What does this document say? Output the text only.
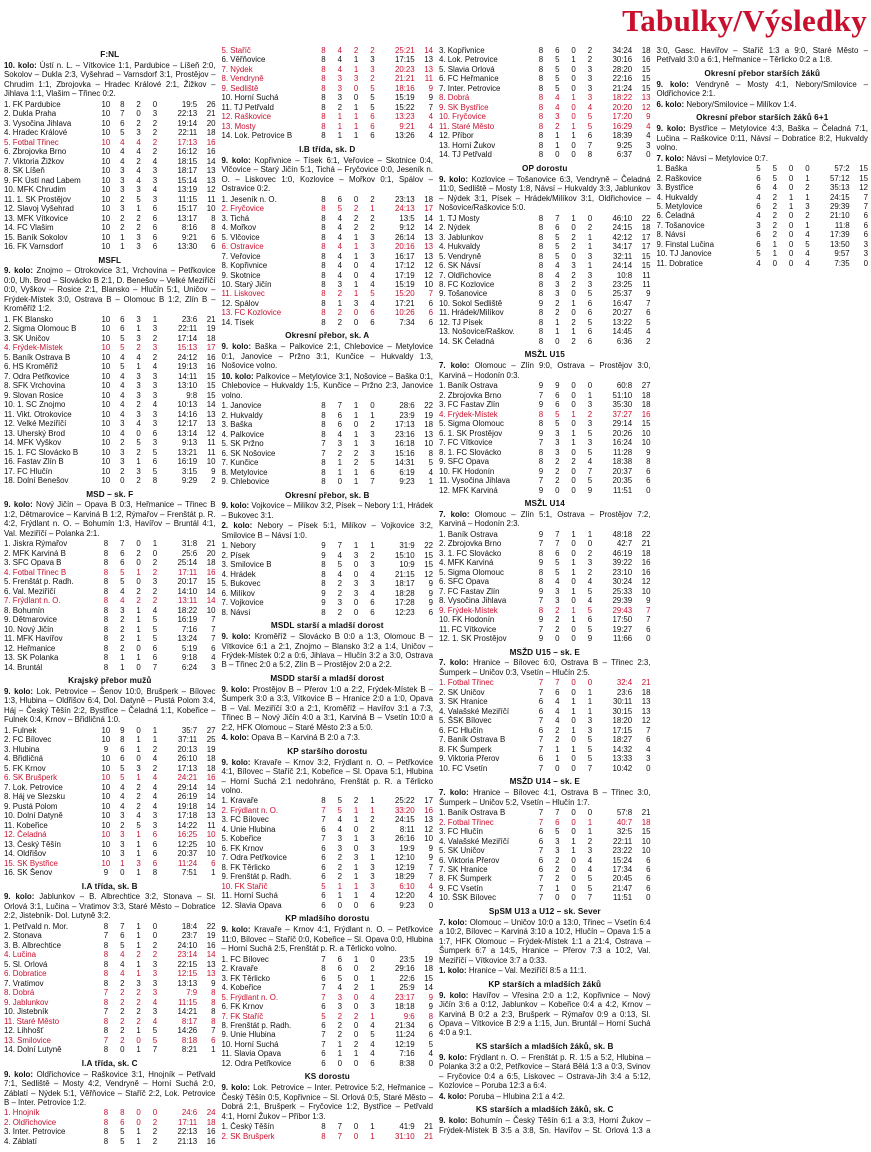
Tabulky/Výsledky
F:NL
10. kolo: Ústí n. L. – Vítkovice 1:1, Pardubice – Líšeň 2:0, Sokolov – Dukla 2:3, Vyšehrad – Varnsdorf 3:1, Prostějov – Chrudim 1:1, Zbrojovka – Hradec Králové 2:1, Žižkov – Jihlava 1:1, Vlašim – Třinec 0:2.
1. FK Pardubice	10	8	2	0	19:5	26
2. Dukla Praha	10	7	0	3	22:13	21
3. Vysočina Jihlava	10	6	2	2	19:14	20
4. Hradec Králové	10	5	3	2	22:11	18
5. Fotbal Třinec	10	4	4	2	17:13	16
6. Zbrojovka Brno	10	4	4	2	16:12	16
7. Viktoria Žižkov	10	4	2	4	18:15	14
8. SK Líšeň	10	3	4	3	18:17	13
9. FK Ústí nad Labem	10	3	4	3	15:14	13
10. MFK Chrudim	10	3	3	4	13:19	12
11. 1. SK Prostějov	10	2	5	3	11:15	11
12. Slavoj Vyšehrad	10	3	1	6	15:17	10
13. MFK Vítkovice	10	2	2	6	13:17	8
14. FC Vlašim	10	2	2	6	8:16	8
15. Baník Sokolov	10	1	3	6	9:21	6
16. FK Varnsdorf	10	1	3	6	13:30	6
MSFL
9. kolo: Znojmo – Otrokovice 3:1, Vrchovina – Petřkovice 0:0, Uh. Brod – Slovácko B 2:1, D. Benešov – Velké Meziříčí 0:0, Vyškov – Rosice 2:1, Blansko – Hlučín 5:1, Uničov – Frýdek-Místek 3:0, Ostrava B – Olomouc B 1:2, Zlín B – Kroměříž 1:2.
1. FK Blansko	10	6	3	1	23:6	21
2. Sigma Olomouc B	10	6	1	3	22:11	19
3. SK Uničov	10	5	3	2	17:14	18
4. Frýdek-Místek	10	5	2	3	15:13	17
5. Baník Ostrava B	10	4	4	2	24:12	16
6. HS Kroměříž	10	5	1	4	19:13	16
7. Odra Petřkovice	10	4	3	3	14:11	15
8. SFK Vrchovina	10	4	3	3	13:10	15
9. Slovan Rosice	10	4	3	3	9:8	15
10. 1. SC Znojmo	10	4	2	4	10:13	14
11. Vikt. Otrokovice	10	4	3	3	14:16	13
12. Velké Meziříčí	10	3	4	3	12:17	13
13. Uherský Brod	10	4	0	6	13:14	12
14. MFK Vyškov	10	2	5	3	9:13	11
15. 1. FC Slovácko B	10	3	2	5	13:21	11
16. Fastav Zlín B	10	3	1	6	16:19	10
17. FC Hlučín	10	2	3	5	3:15	9
18. Dolní Benešov	10	0	2	8	9:29	2
MSD – sk. F
9. kolo: Nový Jičín – Opava B 0:3, Heřmanice – Třinec B 1:2, Dětmarovice – Karviná B 1:2, Rýmařov – Frenštát p. R. 4:2, Frýdlant n. O. – Bohumín 1:3, Havířov – Bruntál 4:1, Val. Meziříčí – Polanka 2:1.
1. Jiskra Rýmařov	8	7	0	1	31:8	21
2. MFK Karviná B	8	6	2	0	25:6	20
3. SFC Opava B	8	6	0	2	25:14	18
4. Fotbal Třinec B	8	5	1	2	17:11	16
5. Frenštát p. Radh.	8	5	0	3	20:17	15
6. Val. Meziříčí	8	4	2	2	14:10	14
7. Frýdlant n. O.	8	4	2	2	13:11	14
8. Bohumín	8	3	1	4	18:22	10
9. Dětmarovice	8	2	1	5	16:19	7
10. Nový Jičín	8	2	1	5	7:16	7
11. MFK Havířov	8	2	1	5	13:24	7
12. Heřmanice	8	2	0	6	5:19	6
13. SK Polanka	8	1	1	6	9:18	4
14. Bruntál	8	1	0	7	6:24	3
Krajský přebor mužů
9. kolo: Lok. Petrovice – Šenov 10:0, Brušperk – Bílovec 1:3, Hlubina – Oldřišov 6:4, Dol. Datyně – Pustá Polom 3:4, Háj – Český Těšín 2:2, Bystřice – Čeladná 1:1, Kobeřice – Fulnek 0:4, Krnov – Břidličná 1:0.
1. Fulnek	10	9	0	1	35:7	27
2. FC Bílovec	10	8	1	1	37:11	25
3. Hlubina	9	6	1	2	20:13	19
4. Břidličná	10	6	0	4	26:10	18
5. FK Krnov	10	5	3	2	17:13	18
6. SK Brušperk	10	5	1	4	24:21	16
7. Lok. Petrovice	10	4	2	4	29:14	14
8. Háj ve Slezsku	10	4	2	4	26:19	14
9. Pustá Polom	10	4	2	4	19:18	14
10. Dolní Datyně	10	3	4	3	17:18	13
11. Kobeřice	10	2	5	3	14:22	11
12. Čeladná	10	3	1	6	16:25	10
13. Český Těšín	10	3	1	6	12:25	10
14. Oldřišov	10	3	1	6	20:37	10
15. SK Bystřice	10	1	3	6	11:24	6
16. SK Šenov	9	0	1	8	7:51	1
I.A třída, sk. B
9. kolo: Jablunkov – B. Albrechtice 3:2, Stonava – Sl. Orlová 3:1, Lučina – Vratimov 3:3, Staré Město – Dobratice 2:2, Jistebník- Dol. Lutyně 3:2.
1. Petřvald n. Mor.	8	7	1	0	18:4	22
2. Stonava	7	6	1	0	23:7	19
3. B. Albrechtice	8	5	1	2	24:10	16
4. Lučina	8	4	2	2	23:14	14
5. Sl. Orlová	8	4	1	3	22:15	13
6. Dobratice	8	4	1	3	12:15	13
7. Vratimov	8	2	3	3	13:13	9
8. Dobrá	7	2	2	3	7:9	8
9. Jablunkov	8	2	2	4	11:15	8
10. Jistebník	7	2	2	3	14:21	8
11. Staré Město	8	2	2	4	8:17	8
12. Lihhošť	8	2	1	5	14:26	7
13. Smilovice	7	2	0	5	8:18	6
14. Dolní Lutyně	8	0	1	7	8:21	1
I.A třída, sk. C
9. kolo: Oldřichovice – Raškovice 3:1, Hnojník – Petřvald 7:1, Sedliště – Mosty 4:2, Vendryně – Horní Suchá 2:0, Záblatí – Nýdek 5:1, Věřňovice – Staříč 2:2, Lok. Petrovice B – Inter. Petrovice 1:2.
1. Hnojník	8	8	0	0	24:6	24
2. Oldřichovice	8	6	0	2	17:11	18
3. Inter. Petrovice	8	5	1	2	22:13	16
4. Záblatí	8	5	1	2	21:13	16
5. Staříč	8	4	2	2	25:21	14
6. Věřňovice	8	4	1	3	17:15	13
7. Nýdek	8	4	1	3	20:23	13
8. Vendryně	8	3	3	2	21:21	11
9. Sedliště	8	3	0	5	18:16	9
10. Horní Suchá	8	3	0	5	15:19	9
11. TJ Petřvald	8	2	1	5	15:22	7
12. Raškovice	8	1	1	6	13:23	4
13. Mosty	8	1	1	6	9:21	4
14. Lok. Petrovice B	8	1	1	6	13:26	4
I.B třída, sk. D
9. kolo: Kopřivnice – Tísek 6:1, Veřovice – Skotnice 0:4, Vlčovice – Starý Jičín 5:1, Tichá – Fryčovice 0:0, Jeseník n. O. – Liskovec 1:0, Kozlovice – Mořkov 0:1, Spálov – Ostravice 0:2.
1. Jeseník n. O.	8	6	0	2	23:13	18
2. Fryčovice	8	5	2	1	24:13	17
3. Tichá	8	4	2	2	13:5	14
4. Mořkov	8	4	2	2	9:12	14
5. Vlčovice	8	4	1	3	26:14	13
6. Ostravice	8	4	1	3	20:16	13
7. Veřovice	8	4	1	3	16:17	13
8. Kopřivnice	8	4	0	4	17:12	12
9. Skotnice	8	4	0	4	17:19	12
10. Starý Jičín	8	3	1	4	15:19	10
11. Liskovec	8	2	1	5	15:20	7
12. Spálov	8	1	3	4	17:21	6
13. FC Kozlovice	8	2	0	6	10:26	6
14. Tísek	8	2	0	6	7:34	6
Okresní přebor, sk. A
9. kolo: Baška – Palkovice 2:1, Chlebovice – Metylovice 0:1, Janovice – Pržno 3:1, Kunčice – Hukvaldy 1:3, Nošovice volno.
10. kolo: Palkovice – Metylovice 3:1, Nošovice – Baška 0:1, Chlebovice – Hukvaldy 1:5, Kunčice – Pržno 2:3, Janovice volno.
1. Janovice	8	7	1	0	28:6	22
2. Hukvaldy	8	6	1	1	23:9	19
3. Baška	8	6	0	2	17:13	18
4. Palkovice	8	4	1	3	23:16	13
5. SK Pržno	7	3	1	3	16:18	10
6. SK Nošovice	7	2	2	3	15:16	8
7. Kunčice	8	1	2	5	14:31	5
8. Metylovice	8	1	1	6	6:19	4
9. Chlebovice	8	0	1	7	9:23	1
Okresní přebor, sk. B
9. kolo: Vojkovice – Milíkov 3:2, Písek – Nebory 1:1, Hrádek – Bukovec 3:1.
2. kolo: Nebory – Písek 5:1, Milíkov – Vojkovice 3:2, Smilovice B – Návsí 1:0.
1. Nebory	9	7	1	1	31:9	22
2. Písek	9	4	3	2	15:10	15
3. Smilovice B	8	5	0	3	10:9	15
4. Hrádek	8	4	0	4	21:15	12
5. Bukovec	8	2	3	3	18:17	9
6. Milíkov	9	2	3	4	18:28	9
7. Vojkovice	9	3	0	6	17:28	9
8. Návsí	8	2	0	6	12:23	6
MSDL starší a mladší dorost
9. kolo: Kroměříž – Slovácko B 0:0 a 1:3, Olomouc B – Vítkovice 6:1 a 2:1, Znojmo – Blansko 3:2 a 1:4, Uničov – Frýdek-Místek 0:2 a 0:6, Jihlava – Hlučín 3:2 a 3:0, Ostrava B – Třinec 2:0 a 5:2, Zlín B – Prostějov 2:0 a 2:2.
MSDD starší a mladší dorost
9. kolo: Prostějov B – Přerov 1:0 a 2:2, Frýdek-Místek B – Šumperk 3:0 a 3:3, Vítkovice B – Hranice 2:0 a 1:0, Opava B – Val. Meziříčí 3:0 a 2:1, Kroměříž – Havířov 3:1 a 7:3, Třinec B – Nový Jičín 4:0 a 3:1, Karviná B – Vsetín 10:0 a 2:2, HFK Olomouc – Staré Město 2:3 a 5:0.
4. kolo: Opava B – Karviná B 2:0 a 7:3.
KP staršího dorostu
9. kolo: Kravaře – Krnov 3:2, Frýdlant n. O. – Petřkovice 4:1, Bílovec – Staříč 2:1, Kobeřice – Sl. Opava 5:1, Hlubina – Horní Suchá 2:1 nedohráno, Frenštát p. R. a Těrlicko volno.
1. Kravaře	8	5	2	1	25:22	17
2. Frýdlant n. O.	7	5	1	1	33:20	16
3. FC Bílovec	7	4	1	2	24:15	13
4. Unie Hlubina	6	4	0	2	8:11	12
5. Kobeřice	7	3	1	3	26:16	10
6. FK Krnov	6	3	0	3	19:9	9
7. Odra Petřkovice	6	2	3	1	12:10	9
8. FK Těrlicko	6	2	1	3	12:19	7
9. Frenštát p. Radh.	6	2	1	3	18:29	7
10. FK Staříč	5	1	1	3	6:10	4
11. Horní Suchá	6	1	1	4	12:20	4
12. Slavia Opava	6	0	0	6	9:23	0
KP mladšího dorostu
9. kolo: Kravaře – Krnov 4:1, Frýdlant n. O. – Petřkovice 11:0, Bílovec – Staříč 0:0, Kobeřice – Sl. Opava 0:0, Hlubina – Horní Suchá 2:5, Frenštát p. R. a Těrlicko volno.
1. FC Bílovec	7	6	1	0	23:5	19
2. Kravaře	8	6	0	2	29:16	18
3. FK Těrlicko	6	5	0	1	22:6	15
4. Kobeřice	7	4	2	1	25:9	14
5. Frýdlant n. O.	7	3	0	4	23:17	9
6. FK Krnov	6	3	0	3	18:18	9
7. FK Staříč	5	2	2	1	9:6	8
8. Frenštát p. Radh.	6	2	0	4	21:34	6
9. Unie Hlubina	7	2	0	5	11:24	6
10. Horní Suchá	7	1	2	4	12:19	5
11. Slavia Opava	6	1	1	4	7:16	4
12. Odra Petřkovice	6	0	0	6	8:38	0
KS dorostu
9. kolo: Lok. Petrovice – Inter. Petrovice 5:2, Heřmanice – Český Těšín 0:5, Kopřivnice – Sl. Orlová 0:5, Staré Město – Dobrá 2:1, Brušperk – Fryčovice 1:2, Bystřice – Petřvald 4:1, Horní Žukov – Příbor 1:3.
1. Český Těšín	8	7	0	1	41:9	21
2. SK Brušperk	8	7	0	1	31:10	21
3. Kopřivnice	8	6	0	2	34:24	18
4. Lok. Petrovice	8	5	1	2	30:16	16
5. Slavia Orlová	8	5	0	3	28:20	15
6. FC Heřmanice	8	5	0	3	22:16	15
7. Inter. Petrovice	8	5	0	3	21:24	15
8. Dobrá	8	4	1	3	18:22	13
9. SK Bystřice	8	4	0	4	20:20	12
10. Fryčovice	8	3	0	5	17:20	9
11. Staré Město	8	2	1	5	16:29	4
12. Příbor	8	1	1	6	18:39	4
13. Horní Žukov	8	1	0	7	9:25	3
14. TJ Petřvald	8	0	0	8	6:37	0
OP dorostu
9. kolo: Kozlovice – Tošanovice 6:3, Vendryně – Čeladná 11:0, Sedliště – Mosty 1:8, Návsí – Hukvaldy 3:3, Jablunkov – Nýdek 3:1, Písek – Hrádek/Milíkov 3:1, Oldřichovice – Nošovice/Raškovice 5:0.
1. TJ Mosty	8	7	1	0	46:10	22
2. Nýdek	8	6	0	2	24:15	18
3. Jablunkov	8	5	2	1	42:12	17
4. Hukvaldy	8	5	2	1	34:17	17
5. Vendryně	8	5	0	3	32:11	15
6. SK Návsí	8	4	3	1	24:14	15
7. Oldřichovice	8	4	2	3	10:8	11
8. FC Kozlovice	8	3	2	3	23:25	11
9. Tošanovice	8	3	0	5	25:37	9
10. Sokol Sedliště	9	2	1	6	16:47	7
11. Hrádek/Milíkov	8	2	0	6	20:27	6
12. TJ Písek	8	1	2	5	13:22	5
13. Nošovice/Raškov.	8	1	1	6	14:45	4
14. SK Čeladná	8	0	2	6	6:36	2
MSŽL U15
7. kolo: Olomouc – Zlín 9:0, Ostrava – Prostějov 3:0, Karviná – Hodonín 0:3.
1. Baník Ostrava	9	9	0	0	60:8	27
2. Zbrojovka Brno	7	6	0	1	51:10	18
3. FC Fastav Zlín	9	6	0	3	35:30	18
4. Frýdek-Místek	8	5	1	2	37:27	16
5. Sigma Olomouc	8	5	0	3	29:14	15
6. 1. SK Prostějov	9	3	1	5	20:26	10
7. FC Vítkovice	7	3	1	3	16:24	10
8. 1. FC Slovácko	8	3	0	5	11:28	9
9. SFC Opava	8	2	2	4	18:38	8
10. FK Hodonín	9	2	0	7	20:37	6
11. Vysočina Jihlava	7	2	0	5	20:35	6
12. MFK Karviná	9	0	0	9	11:51	0
MSŽL U14
7. kolo: Olomouc – Zlín 5:1, Ostrava – Prostějov 7:2, Karviná – Hodonín 2:3.
1. Baník Ostrava	9	7	1	1	48:18	22
2. Zbrojovka Brno	7	7	0	0	42:7	21
3. 1. FC Slovácko	8	6	0	2	46:19	18
4. MFK Karviná	9	5	1	3	39:22	16
5. Sigma Olomouc	8	5	1	2	23:10	16
6. SFC Opava	8	4	0	4	30:24	12
7. FC Fastav Zlín	9	3	1	5	25:33	10
8. Vysočina Jihlava	7	3	0	4	29:39	9
9. Frýdek-Místek	8	2	1	5	29:43	7
10. FK Hodonín	9	2	1	6	17:50	7
11. FC Vítkovice	7	2	0	5	19:27	6
12. 1. SK Prostějov	9	0	0	9	11:66	0
MSŽD U15 – sk. E
7. kolo: Hranice – Bílovec 6:0, Ostrava B – Třinec 2:3, Šumperk – Uničov 0:3, Vsetín – Hlučín 2:5.
1. Fotbal Třinec	7	7	0	0	32:4	21
2. SK Uničov	7	6	0	1	23:6	18
3. SK Hranice	6	4	1	1	30:11	13
4. Valašské Meziříčí	6	4	1	1	30:15	13
5. ŠSK Bílovec	7	4	0	3	18:20	12
6. FC Hlučín	6	2	1	3	17:15	7
7. Baník Ostrava B	7	2	0	5	18:27	6
8. FK Šumperk	7	1	1	5	14:32	4
9. Viktoria Přerov	6	1	0	5	13:33	3
10. FC Vsetín	7	0	0	7	10:42	0
MSŽD U14 – sk. E
7. kolo: Hranice – Bílovec 4:1, Ostrava B – Třinec 3:0, Šumperk – Uničov 5:2, Vsetín – Hlučín 1:7.
1. Baník Ostrava B	7	7	0	0	57:8	21
2. Fotbal Třinec	7	6	0	1	40:7	18
3. FC Hlučín	6	5	0	1	32:5	15
4. Valašské Meziříčí	6	3	1	2	22:11	10
5. SK Uničov	7	3	1	3	23:22	10
6. Viktoria Přerov	6	2	0	4	15:24	6
7. SK Hranice	6	2	0	4	17:34	6
8. FK Šumperk	7	2	0	5	20:45	6
9. FC Vsetín	7	1	0	5	21:47	6
10. ŠSK Bílovec	7	0	0	7	11:51	0
SpSM U13 a U12 – sk. Sever
7. kolo: Olomouc – Uničov 10:0 a 13:0, Třinec – Vsetín 6:4 a 10:2, Bílovec – Karviná 3:10 a 10:2, Hlučín – Opava 1:5 a 1:7, HFK Olomouc – Frýdek-Místek 1:1 a 21:4, Ostrava – Šumperk 6:7 a 14:5, Hranice – Přerov 7:3 a 10:2, Val. Meziříčí – Vítkovice 3:7 a 0:33.
1. kolo: Hranice – Val. Meziříčí 8:5 a 11:1.
KP starších a mladších žáků
9. kolo: Havířov – Vřesina 2:0 a 1:2, Kopřivnice – Nový Jičín 3:6 a 0:12, Jablunkov – Kobeřice 0:4 a 4:2, Krnov – Karviná B 0:2 a 2:3, Brušperk – Rýmařov 0:9 a 0:13, Sl. Opava – Vítkovice B 2:9 a 1:15, Jun. Bruntál – Horní Suchá 4:0 a 9:1.
KS starších a mladších žáků, sk. B
9. kolo: Frýdlant n. O. – Frenštát p. R. 1:5 a 5:2, Hlubina – Polanka 3:2 a 0:2, Petřkovice – Stará Bělá 1:3 a 0:3, Svinov – Fryčovice 0:4 a 6:5, Lískovec – Ostrava-Jih 3:4 a 5:12, Kozlovice – Poruba 12:3 a 6:4.
4. kolo: Poruba – Hlubina 2:1 a 4:2.
KS starších a mladších žáků, sk. C
9. kolo: Bohumín – Český Těšín 6:1 a 3:3, Horní Žukov – Frýdek-Místek B 3:5 a 3:8, Sn. Havířov – St. Orlová 1:3 a 3:0, Gasc. Havířov – Staříč 1:3 a 9:0, Staré Město – Petřvald 3:0 a 6:1, Heřmanice – Těrlicko 0:2 a 1:8.
Okresní přebor starších žáků
9. kolo: Vendryně – Mosty 4:1, Nebory/Smilovice – Oldřichovice 2:1.
6. kolo: Nebory/Smilovice – Milíkov 1:4.
Okresní přebor starších žáků 6+1
9. kolo: Bystřice – Metylovice 4:3, Baška – Čeladná 7:1, Lučina – Raškovice 0:11, Návsí – Dobratice 8:2, Hukvaldy volno.
7. kolo: Návsí – Metylovice 0:7.
1. Baška	5	5	0	0	57:2	15
2. Raškovice	6	5	0	1	57:12	15
3. Bystřice	6	4	0	2	35:13	12
4. Hukvaldy	4	2	1	1	24:15	7
5. Metylovice	6	2	1	3	29:39	7
6. Čeladná	4	2	0	2	21:10	6
7. Tošanovice	3	2	0	1	11:8	6
8. Návsí	6	2	0	4	17:39	6
9. Finstal Lučina	6	1	0	5	13:50	3
10. TJ Janovice	5	1	0	4	9:57	3
11. Dobratice	4	0	0	4	7:35	0
